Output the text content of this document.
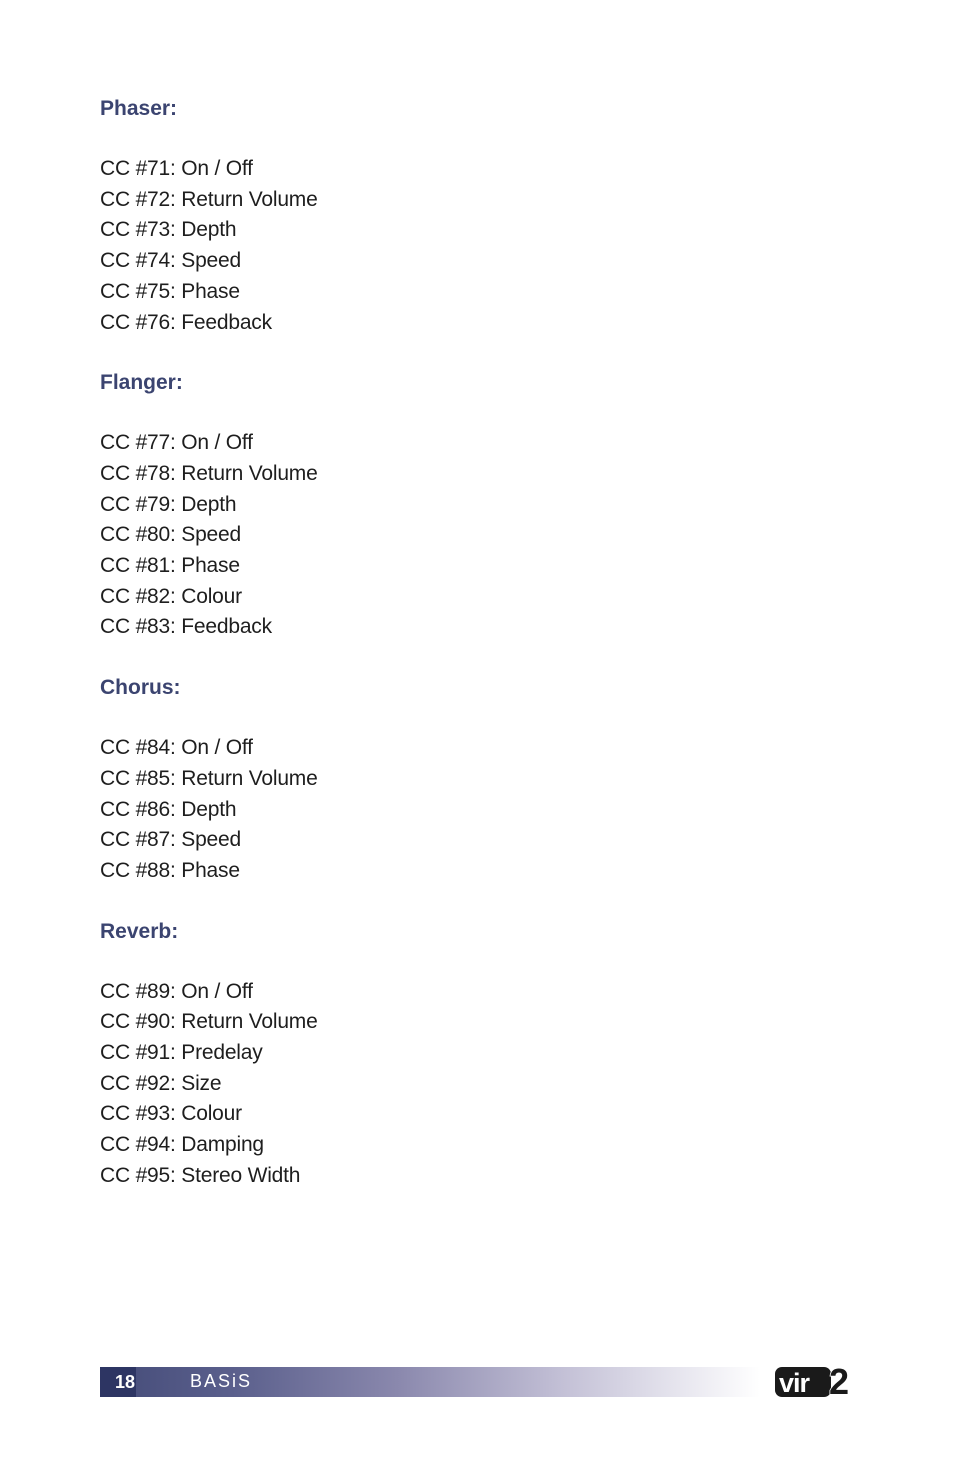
Phaser:
CC #71: On / Off
CC #72: Return Volume
CC #73: Depth
CC #74: Speed
CC #75: Phase
CC #76: Feedback
Flanger:
CC #77: On / Off
CC #78: Return Volume
CC #79: Depth
CC #80: Speed
CC #81: Phase
CC #82: Colour
CC #83: Feedback
Chorus:
CC #84: On / Off
CC #85: Return Volume
CC #86: Depth
CC #87: Speed
CC #88: Phase
Reverb:
CC #89: On / Off
CC #90: Return Volume
CC #91: Predelay
CC #92: Size
CC #93: Colour
CC #94: Damping
CC #95: Stereo Width
18	BASiS	vir 2
